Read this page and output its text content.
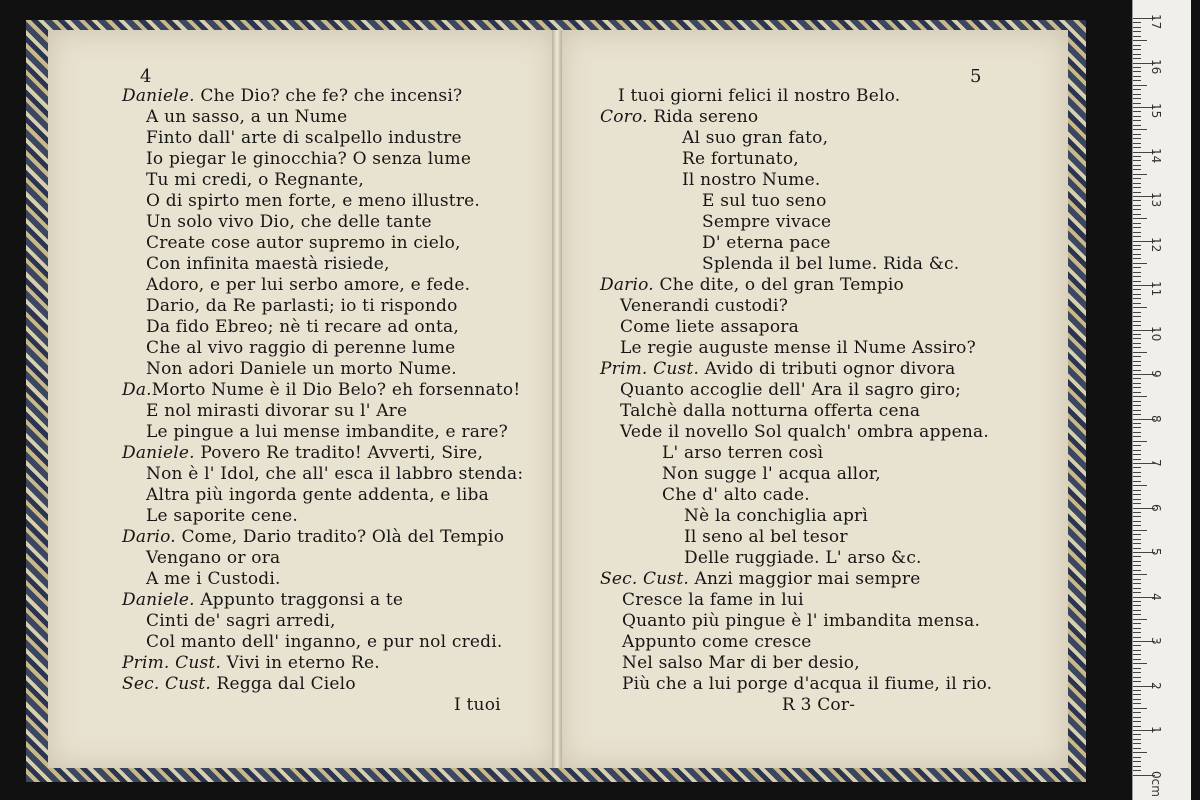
4
Daniele. Che Dio? che fe? che incensi?
A un sasso, a un Nume
Finto dall' arte di scalpello industre
Io piegar le ginocchia? O senza lume
Tu mi credi, o Regnante,
O di spirto men forte, e meno illustre.
Un solo vivo Dio, che delle tante
Create cose autor supremo in cielo,
Con infinita maestà risiede,
Adoro, e per lui serbo amore, e fede.
Dario, da Re parlasti; io ti rispondo
Da fido Ebreo; nè ti recare ad onta,
Che al vivo raggio di perenne lume
Non adori Daniele un morto Nume.
Da.Morto Nume è il Dio Belo? eh forsennato!
E nol mirasti divorar su l' Are
Le pingue a lui mense imbandite, e rare?
Daniele. Povero Re tradito! Avverti, Sire,
Non è l' Idol, che all' esca il labbro stenda:
Altra più ingorda gente addenta, e liba
Le saporite cene.
Dario. Come, Dario tradito? Olà del Tempio
Vengano or ora
A me i Custodi.
Daniele. Appunto traggonsi a te
Cinti de' sagri arredi,
Col manto dell' inganno, e pur nol credi.
Prim. Cust. Vivi in eterno Re.
Sec. Cust. Regga dal Cielo
I tuoi
5
I tuoi giorni felici il nostro Belo.
Coro. Rida sereno
Al suo gran fato,
Re fortunato,
Il nostro Nume.
E sul tuo seno
Sempre vivace
D' eterna pace
Splenda il bel lume. Rida &c.
Dario. Che dite, o del gran Tempio
Venerandi custodi?
Come liete assapora
Le regie auguste mense il Nume Assiro?
Prim. Cust. Avido di tributi ognor divora
Quanto accoglie dell' Ara il sagro giro;
Talchè dalla notturna offerta cena
Vede il novello Sol qualch' ombra appena.
L' arso terren così
Non sugge l' acqua allor,
Che d' alto cade.
Nè la conchiglia aprì
Il seno al bel tesor
Delle ruggiade. L' arso &c.
Sec. Cust. Anzi maggior mai sempre
Cresce la fame in lui
Quanto più pingue è l' imbandita mensa.
Appunto come cresce
Nel salso Mar di ber desio,
Più che a lui porge d'acqua il fiume, il rio.
R 3 Cor-
17
16
15
14
13
12
11
10
9
8
7
6
5
4
3
2
1
0cm
